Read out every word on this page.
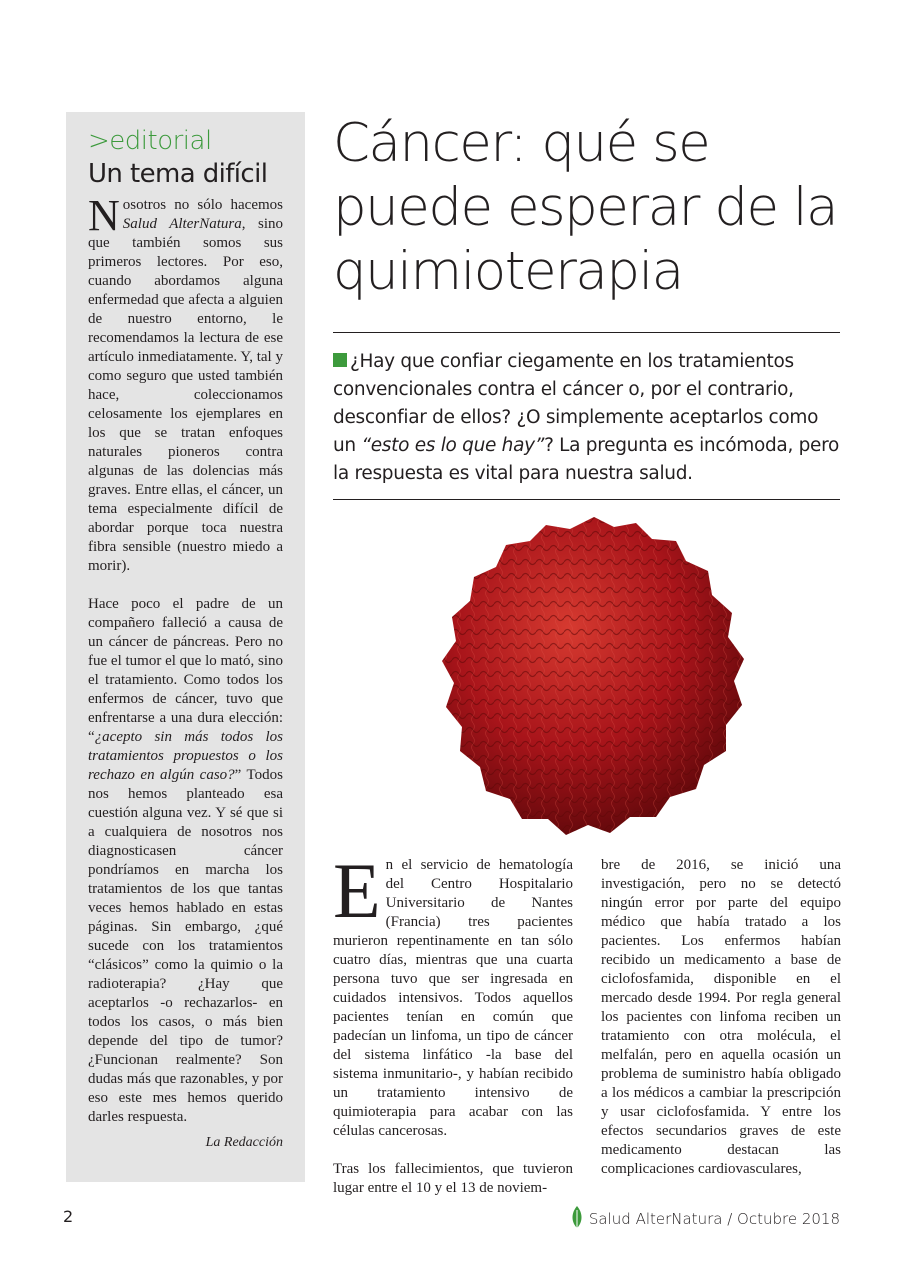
>editorial
Un tema difícil

Nosotros no sólo hacemos Salud AlterNatura, sino que también somos sus primeros lectores. Por eso, cuando abordamos alguna enfermedad que afecta a alguien de nuestro entorno, le recomendamos la lectura de ese artículo inmediatamente. Y, tal y como seguro que usted también hace, coleccionamos celosamente los ejemplares en los que se tratan enfoques naturales pioneros contra algunas de las dolencias más graves. Entre ellas, el cáncer, un tema especialmente difícil de abordar porque toca nuestra fibra sensible (nuestro miedo a morir).

Hace poco el padre de un compañero falleció a causa de un cáncer de páncreas. Pero no fue el tumor el que lo mató, sino el tratamiento. Como todos los enfermos de cáncer, tuvo que enfrentarse a una dura elección: “¿acepto sin más todos los tratamientos propuestos o los rechazo en algún caso?” Todos nos hemos planteado esa cuestión alguna vez. Y sé que si a cualquiera de nosotros nos diagnosticasen cáncer pondríamos en marcha los tratamientos de los que tantas veces hemos hablado en estas páginas. Sin embargo, ¿qué sucede con los tratamientos “clásicos” como la quimio o la radioterapia? ¿Hay que aceptarlos -o rechazarlos- en todos los casos, o más bien depende del tipo de tumor? ¿Funcionan realmente? Son dudas más que razonables, y por eso este mes hemos querido darles respuesta.

La Redacción
Cáncer: qué se
puede esperar de la
quimioterapia
¿Hay que confiar ciegamente en los tratamientos convencionales contra el cáncer o, por el contrario, desconfiar de ellos? ¿O simplemente aceptarlos como un “esto es lo que hay”? La pregunta es incómoda, pero la respuesta es vital para nuestra salud.

En el servicio de hematología del Centro Hospitalario Universitario de Nantes (Francia) tres pacientes murieron repentinamente en tan sólo cuatro días, mientras que una cuarta persona tuvo que ser ingresada en cuidados intensivos. Todos aquellos pacientes tenían en común que padecían un linfoma, un tipo de cáncer del sistema linfático -la base del sistema inmunitario-, y habían recibido un tratamiento intensivo de quimioterapia para acabar con las células cancerosas.

Tras los fallecimientos, que tuvieron lugar entre el 10 y el 13 de noviem-

bre de 2016, se inició una investigación, pero no se detectó ningún error por parte del equipo médico que había tratado a los pacientes. Los enfermos habían recibido un medicamento a base de ciclofosfamida, disponible en el mercado desde 1994. Por regla general los pacientes con linfoma reciben un tratamiento con otra molécula, el melfalán, pero en aquella ocasión un problema de suministro había obligado a los médicos a cambiar la prescripción y usar ciclofosfamida. Y entre los efectos secundarios graves de este medicamento destacan las complicaciones cardiovasculares,

2	Salud AlterNatura / Octubre 2018
